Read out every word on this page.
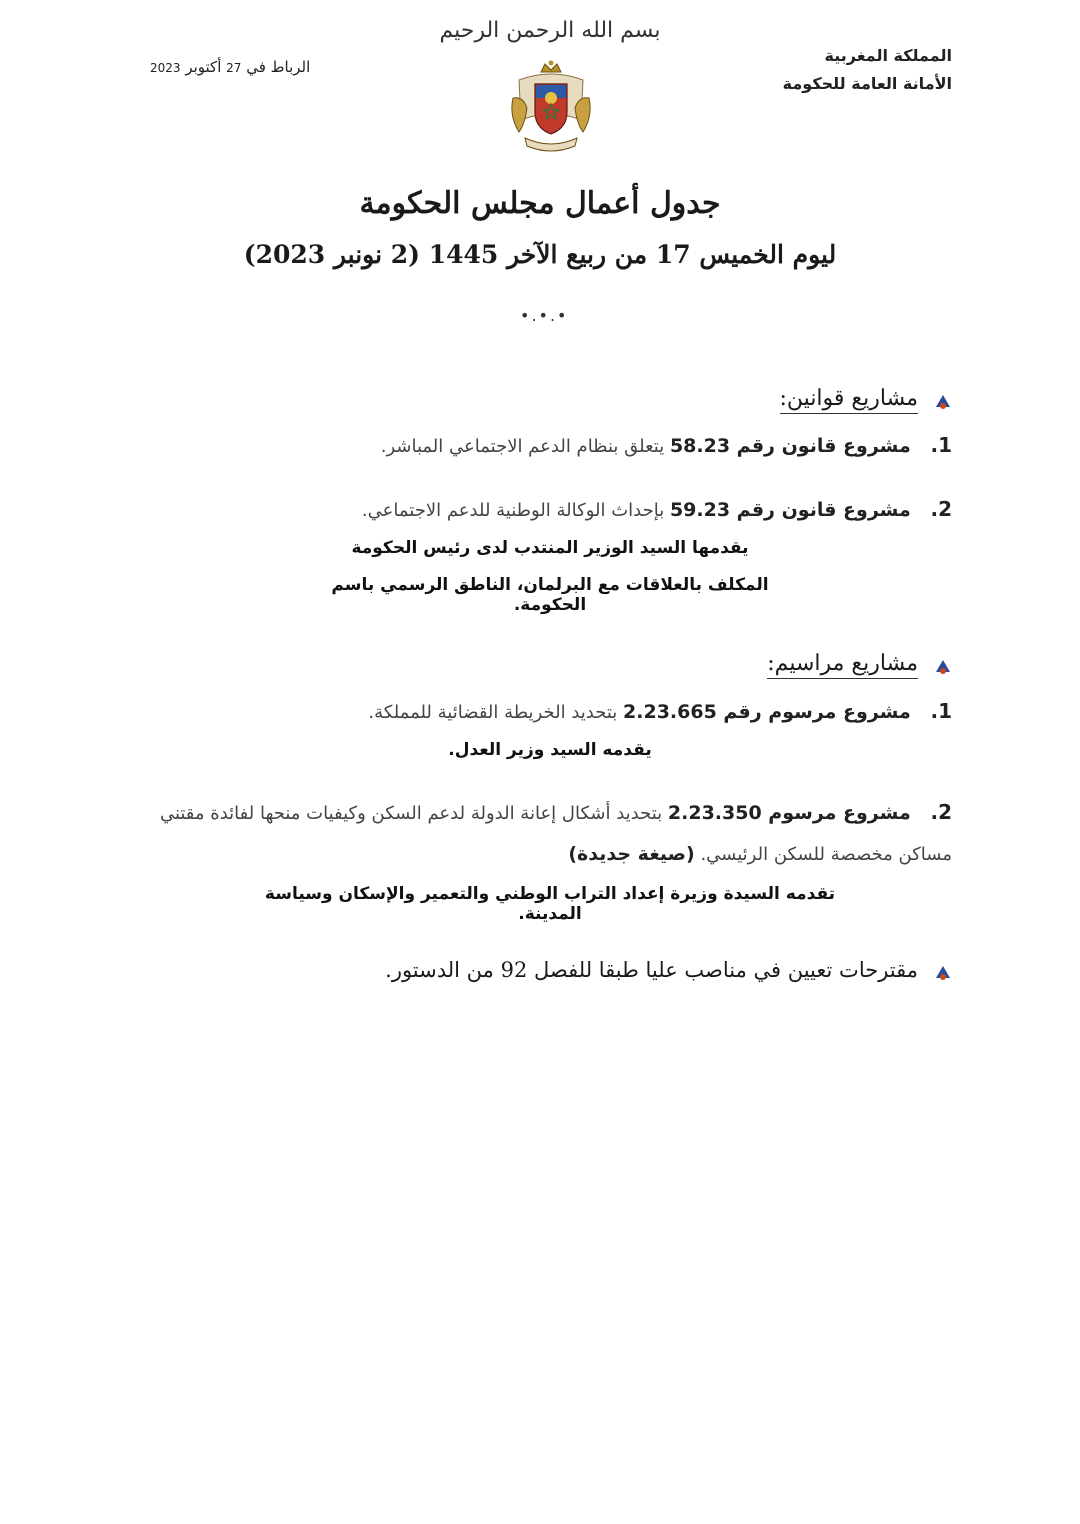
بسم الله الرحمن الرحيم
المملكة المغربية
الأمانة العامة للحكومة
الرباط في 27 أكتوبر 2023
جدول أعمال مجلس الحكومة
ليوم الخميس 17 من ربيع الآخر 1445 (2 نونبر 2023)
•.•.•
مشاريع قوانين:
1. مشروع قانون رقم 58.23 يتعلق بنظام الدعم الاجتماعي المباشر.
2. مشروع قانون رقم 59.23 بإحداث الوكالة الوطنية للدعم الاجتماعي.
يقدمها السيد الوزير المنتدب لدى رئيس الحكومة
المكلف بالعلاقات مع البرلمان، الناطق الرسمي باسم الحكومة.
مشاريع مراسيم:
1. مشروع مرسوم رقم 2.23.665 بتحديد الخريطة القضائية للمملكة.
يقدمه السيد وزير العدل.
2. مشروع مرسوم 2.23.350 بتحديد أشكال إعانة الدولة لدعم السكن وكيفيات منحها لفائدة مقتني
مساكن مخصصة للسكن الرئيسي. (صيغة جديدة)
تقدمه السيدة وزيرة إعداد التراب الوطني والتعمير والإسكان وسياسة المدينة.
مقترحات تعيين في مناصب عليا طبقا للفصل 92 من الدستور.
